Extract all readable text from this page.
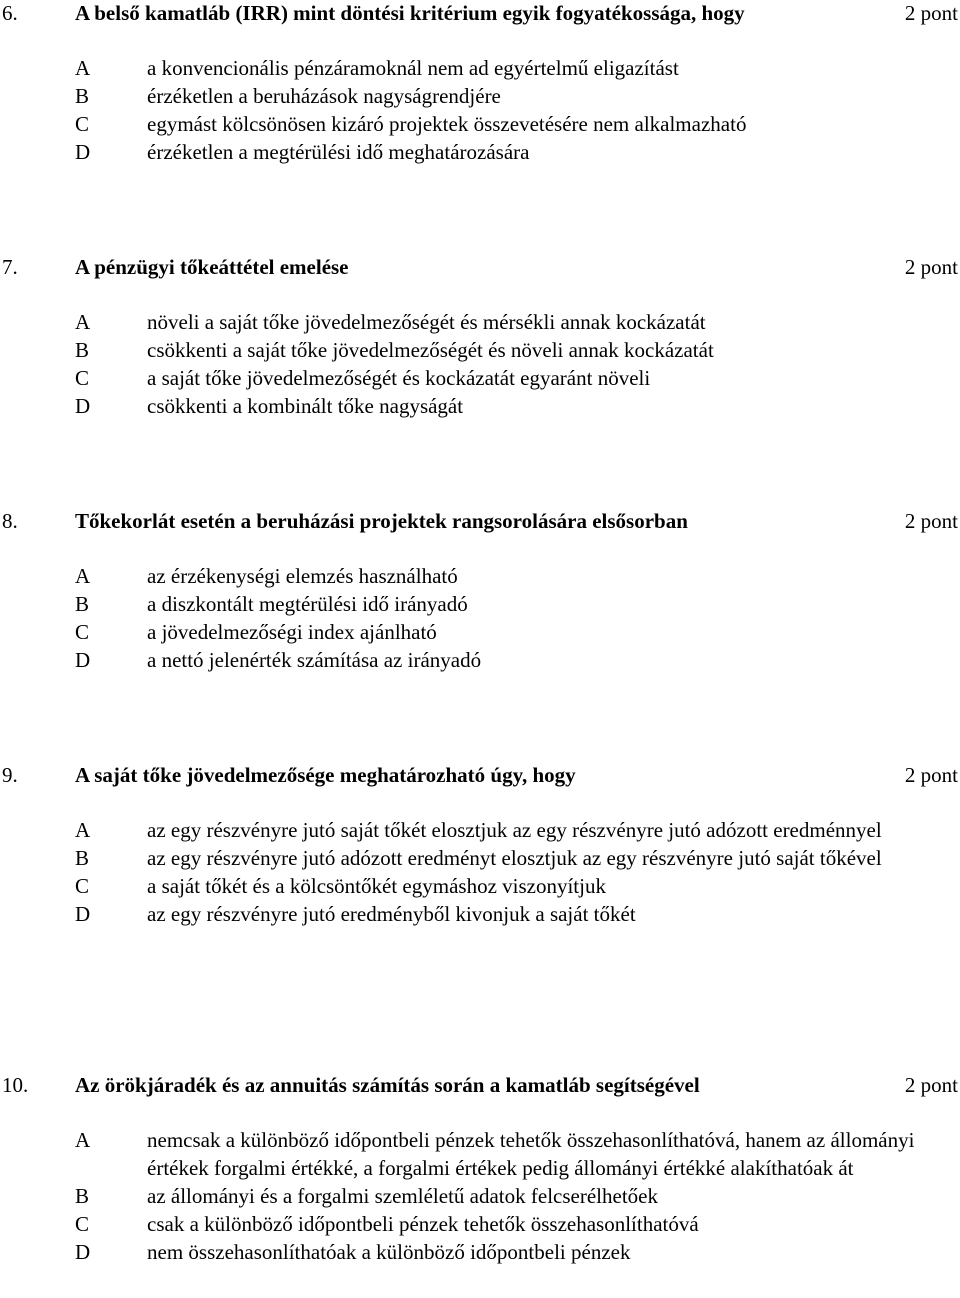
6.	A belső kamatláb (IRR) mint döntési kritérium egyik fogyatékossága, hogy	2 pont
A	a konvencionális pénzáramoknál nem ad egyértelmű eligazítást
B	érzéketlen a beruházások nagyságrendjére
C	egymást kölcsönösen kizáró projektek összevetésére nem alkalmazható
D	érzéketlen a megtérülési idő meghatározására
7.	A pénzügyi tőkeáttétel emelése	2 pont
A	növeli a saját tőke jövedelmezőségét és mérsékli annak kockázatát
B	csökkenti a saját tőke jövedelmezőségét és növeli annak kockázatát
C	a saját tőke jövedelmezőségét és kockázatát egyaránt növeli
D	csökkenti a kombinált tőke nagyságát
8.	Tőkekorlát esetén a beruházási projektek rangsorolására elsősorban	2 pont
A	az érzékenységi elemzés használható
B	a diszkontált megtérülési idő irányadó
C	a jövedelmezőségi index ajánlható
D	a nettó jelenérték számítása az irányadó
9.	A saját tőke jövedelmezősége meghatározható úgy, hogy	2 pont
A	az egy részvényre jutó saját tőkét elosztjuk az egy részvényre jutó adózott eredménnyel
B	az egy részvényre jutó adózott eredményt elosztjuk az egy részvényre jutó saját tőkével
C	a saját tőkét és a kölcsöntőkét egymáshoz viszonyítjuk
D	az egy részvényre jutó eredményből kivonjuk a saját tőkét
10. Az örökjáradék és az annuitás számítás során a kamatláb segítségével	2 pont
A	nemcsak a különböző időpontbeli pénzek tehetők összehasonlíthatóvá, hanem az állományi értékek forgalmi értékké, a forgalmi értékek pedig állományi értékké alakíthatóak át
B	az állományi és a forgalmi szemléletű adatok felcserélhetőek
C	csak a különböző időpontbeli pénzek tehetők összehasonlíthatóvá
D	nem összehasonlíthatóak a különböző időpontbeli pénzek
